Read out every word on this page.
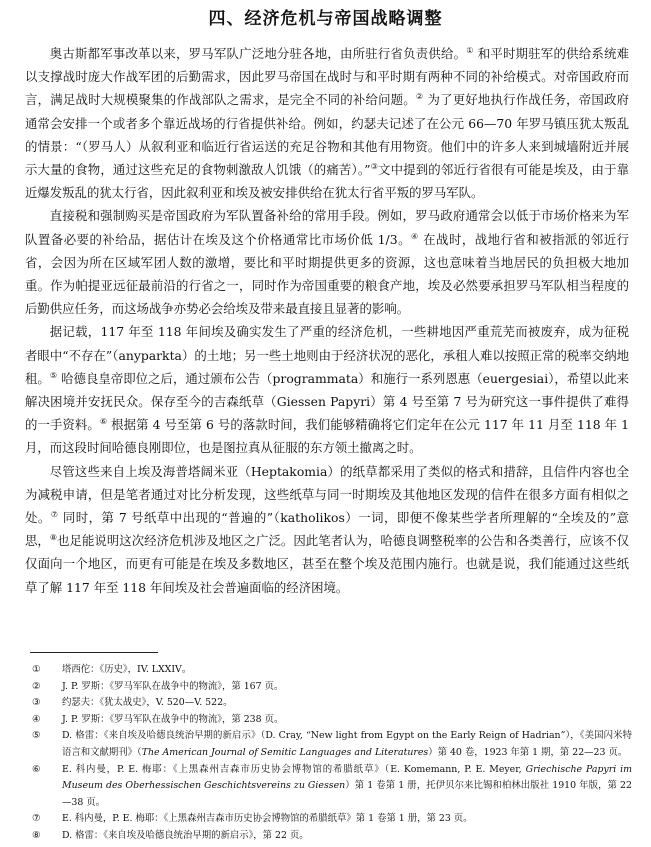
四、经济危机与帝国战略调整

奥古斯都军事改革以来，罗马军队广泛地分驻各地，由所驻行省负责供给。① 和平时期驻军的供给系统难以支撑战时庞大作战军团的后勤需求，因此罗马帝国在战时与和平时期有两种不同的补给模式。对帝国政府而言，满足战时大规模聚集的作战部队之需求，是完全不同的补给问题。② 为了更好地执行作战任务，帝国政府通常会安排一个或者多个靠近战场的行省提供补给。例如，约瑟夫记述了在公元 66—70 年罗马镇压犹太叛乱的情景：“（罗马人）从叙利亚和临近行省运送的充足谷物和其他有用物资。他们中的许多人来到城墙附近并展示大量的食物，通过这些充足的食物刺激敌人饥饿（的痛苦）。”③文中提到的邻近行省很有可能是埃及，由于靠近爆发叛乱的犹太行省，因此叙利亚和埃及被安排供给在犹太行省平叛的罗马军队。

直接税和强制购买是帝国政府为军队置备补给的常用手段。例如，罗马政府通常会以低于市场价格来为军队置备必要的补给品，据估计在埃及这个价格通常比市场价低 1/3。④ 在战时，战地行省和被指派的邻近行省，会因为所在区域军团人数的激增，要比和平时期提供更多的资源，这也意味着当地居民的负担极大地加重。作为帕提亚远征最前沿的行省之一，同时作为帝国重要的粮食产地，埃及必然要承担罗马军队相当程度的后勤供应任务，而这场战争亦势必会给埃及带来最直接且显著的影响。

据记载，117 年至 118 年间埃及确实发生了严重的经济危机，一些耕地因严重荒芜而被废弃，成为征税者眼中“不存在”（anyparkta）的土地；另一些土地则由于经济状况的恶化，承租人难以按照正常的税率交纳地租。⑤ 哈德良皇帝即位之后，通过颁布公告（programmata）和施行一系列恩惠（euergesiai），希望以此来解决困境并安抚民众。保存至今的吉森纸草（Giessen Papyri）第 4 号至第 7 号为研究这一事件提供了难得的一手资料。⑥ 根据第 4 号至第 6 号的落款时间，我们能够精确将它们定年在公元 117 年 11 月至 118 年 1 月，而这段时间哈德良刚即位，也是图拉真从征服的东方领土撤离之时。

尽管这些来自上埃及海普塔阔米亚（Heptakomia）的纸草都采用了类似的格式和措辞，且信件内容也全为减税申请，但是笔者通过对比分析发现，这些纸草与同一时期埃及其他地区发现的信件在很多方面有相似之处。⑦ 同时，第 7 号纸草中出现的“普遍的”（katholikos）一词，即便不像某些学者所理解的“全埃及的”意思，⑧也足能说明这次经济危机涉及地区之广泛。因此笔者认为，哈德良调整税率的公告和各类善行，应该不仅仅面向一个地区，而更有可能是在埃及多数地区，甚至在整个埃及范围内施行。也就是说，我们能通过这些纸草了解 117 年至 118 年间埃及社会普遍面临的经济困境。

①	塔西佗：《历史》，IV. LXXIV。
②	J. P. 罗斯：《罗马军队在战争中的物流》，第 167 页。
③	约瑟夫：《犹太战史》，V. 520—V. 522。
④	J. P. 罗斯：《罗马军队在战争中的物流》，第 238 页。
⑤	D. 格雷：《来自埃及哈德良统治早期的新启示》（D. Cray, “New light from Egypt on the Early Reign of Hadrian”），《美国闪米特语言和文献期刊》（The American Journal of Semitic Languages and Literatures）第 40 卷，1923 年第 1 期，第 22—23 页。
⑥	E. 科内曼，P. E. 梅耶：《上黑森州吉森市历史协会博物馆的希腊纸草》（E. Komemann, P. E. Meyer, Griechische Papyri im Museum des Oberhessischen Geschichtsvereins zu Giessen）第 1 卷第 1 册，托伊贝尔来比锡和柏林出版社 1910 年版，第 22—38 页。
⑦	E. 科内曼，P. E. 梅耶：《上黑森州吉森市历史协会博物馆的希腊纸草》第 1 卷第 1 册，第 23 页。
⑧	D. 格雷：《来自埃及哈德良统治早期的新启示》，第 22 页。
